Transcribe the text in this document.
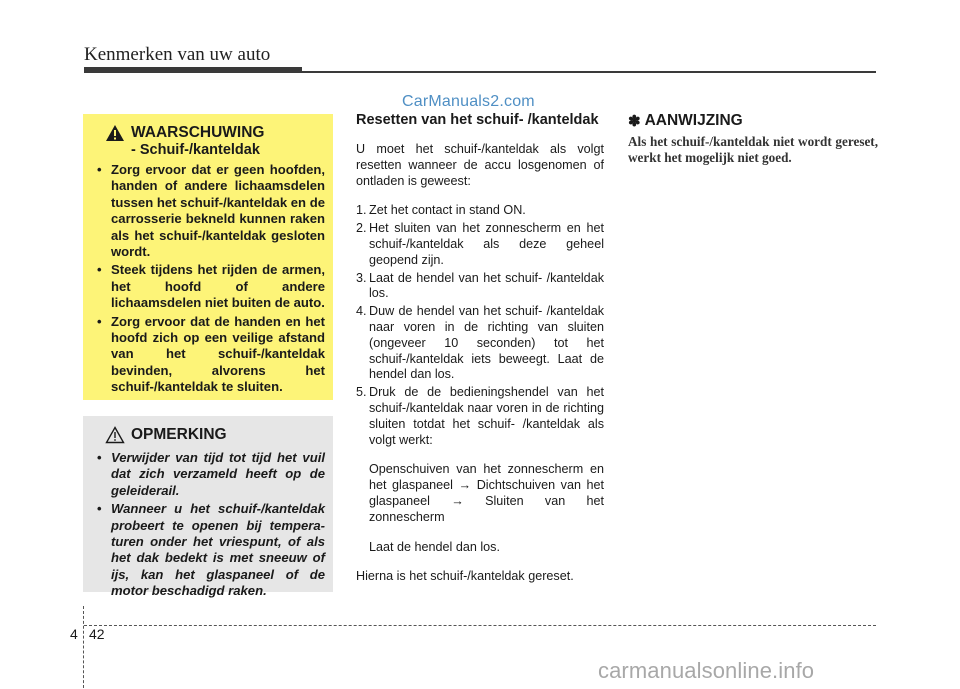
Kenmerken van uw auto
CarManuals2.com
WAARSCHUWING
- Schuif-/kanteldak
• Zorg ervoor dat er geen hoofden, handen of andere lichaamsdelen tussen het schuif-/kanteldak en de carrosserie bekneld kunnen raken als het schuif-/kanteldak gesloten wordt.
• Steek tijdens het rijden de armen, het hoofd of andere lichaamsdelen niet buiten de auto.
• Zorg ervoor dat de handen en het hoofd zich op een veilige afstand van het schuif-/kanteldak bevinden, alvorens het schuif-/kanteldak te sluiten.
OPMERKING
• Verwijder van tijd tot tijd het vuil dat zich verzameld heeft op de geleiderail.
• Wanneer u het schuif-/kanteldak probeert te openen bij tempera-turen onder het vriespunt, of als het dak bedekt is met sneeuw of ijs, kan het glaspaneel of de motor beschadigd raken.
Resetten van het schuif- /kanteldak
U moet het schuif-/kanteldak als volgt resetten wanneer de accu losgenomen of ontladen is geweest:
1. Zet het contact in stand ON.
2. Het sluiten van het zonnescherm en het schuif-/kanteldak als deze geheel geopend zijn.
3. Laat de hendel van het schuif- /kanteldak los.
4. Duw de hendel van het schuif- /kanteldak naar voren in de richting van sluiten (ongeveer 10 seconden) tot het schuif-/kanteldak iets beweegt. Laat de hendel dan los.
5. Druk de de bedieningshendel van het schuif-/kanteldak naar voren in de richting sluiten totdat het schuif- /kanteldak als volgt werkt:
Openschuiven van het zonnescherm en het glaspaneel → Dichtschuiven van het glaspaneel → Sluiten van het zonnescherm
Laat de hendel dan los.
Hierna is het schuif-/kanteldak gereset.
✽ AANWIJZING
Als het schuif-/kanteldak niet wordt gereset, werkt het mogelijk niet goed.
4 42
carmanualsonline.info
